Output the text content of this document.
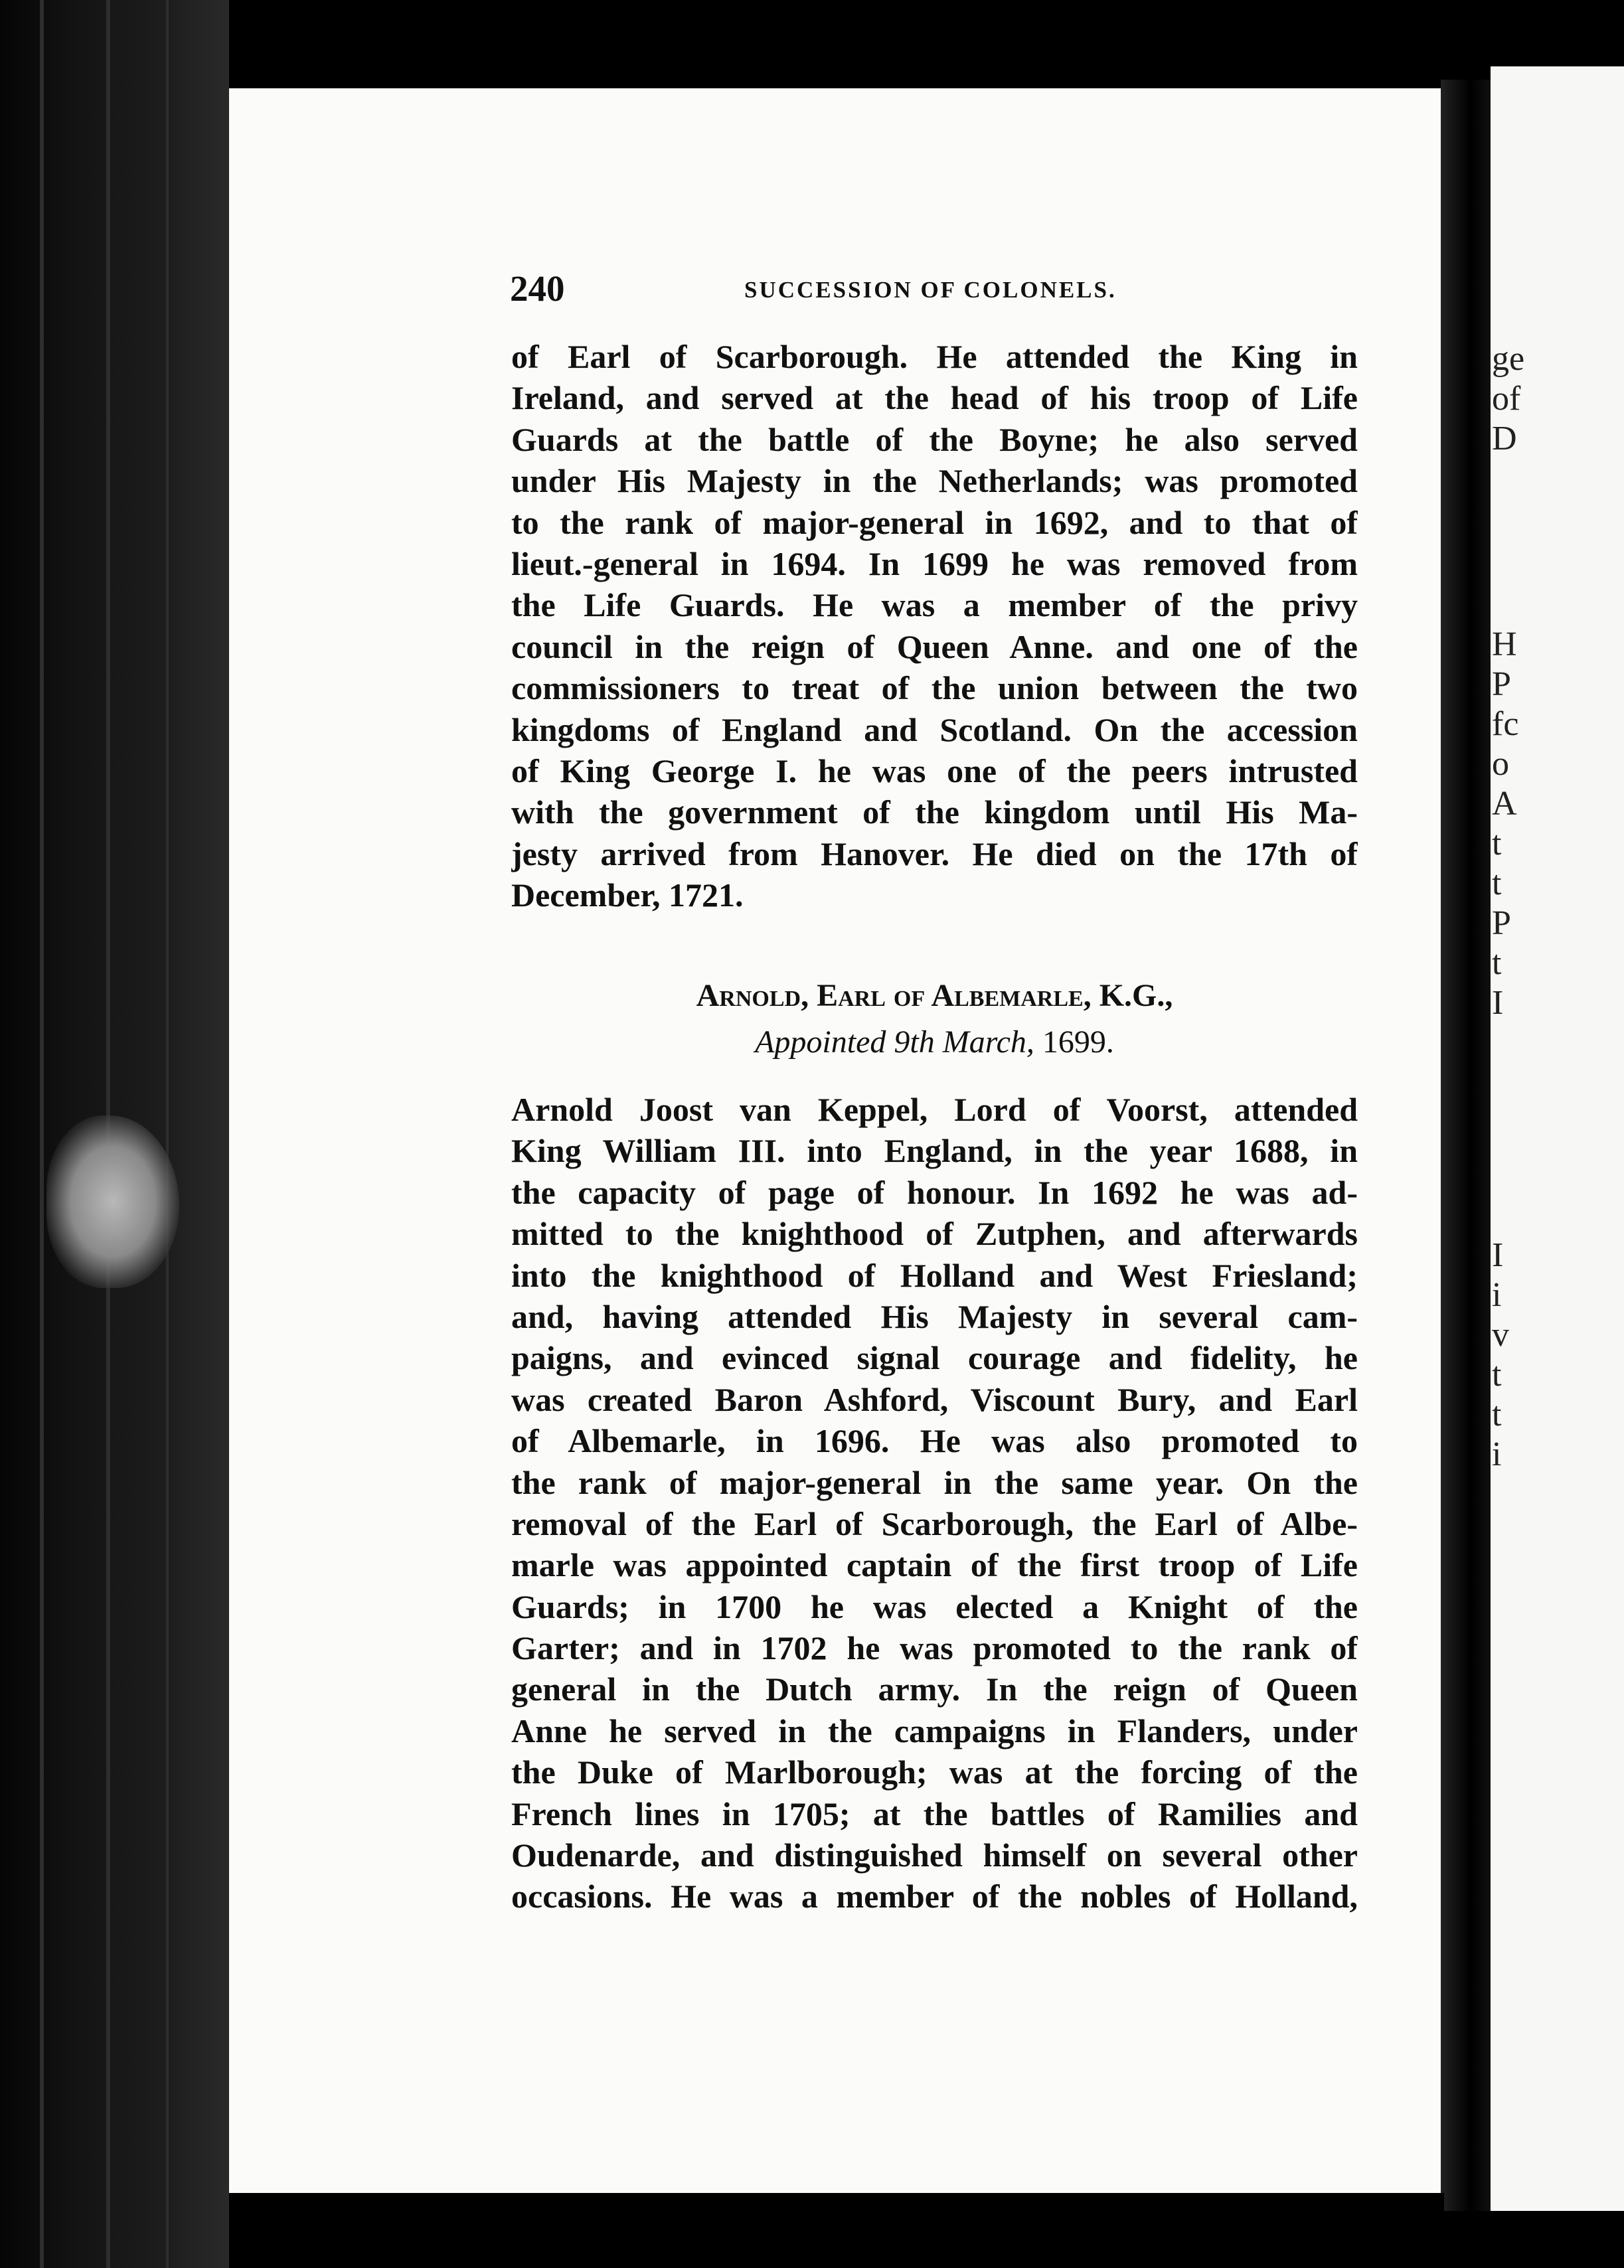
ge
of
D
H
P
fc
o
A
t
t
P
t
I
I
i
v
t
t
i
240	SUCCESSION OF COLONELS.
of Earl of Scarborough. He attended the King in
Ireland, and served at the head of his troop of Life
Guards at the battle of the Boyne; he also served
under His Majesty in the Netherlands; was promoted
to the rank of major-general in 1692, and to that of
lieut.-general in 1694. In 1699 he was removed from
the Life Guards. He was a member of the privy
council in the reign of Queen Anne. and one of the
commissioners to treat of the union between the two
kingdoms of England and Scotland. On the accession
of King George I. he was one of the peers intrusted
with the government of the kingdom until His Ma-
jesty arrived from Hanover. He died on the 17th of
December, 1721.
Arnold, Earl of Albemarle, K.G.,
Appointed 9th March, 1699.
Arnold Joost van Keppel, Lord of Voorst, attended
King William III. into England, in the year 1688, in
the capacity of page of honour. In 1692 he was ad-
mitted to the knighthood of Zutphen, and afterwards
into the knighthood of Holland and West Friesland;
and, having attended His Majesty in several cam-
paigns, and evinced signal courage and fidelity, he
was created Baron Ashford, Viscount Bury, and Earl
of Albemarle, in 1696. He was also promoted to
the rank of major-general in the same year. On the
removal of the Earl of Scarborough, the Earl of Albe-
marle was appointed captain of the first troop of Life
Guards; in 1700 he was elected a Knight of the
Garter; and in 1702 he was promoted to the rank of
general in the Dutch army. In the reign of Queen
Anne he served in the campaigns in Flanders, under
the Duke of Marlborough; was at the forcing of the
French lines in 1705; at the battles of Ramilies and
Oudenarde, and distinguished himself on several other
occasions. He was a member of the nobles of Holland,
